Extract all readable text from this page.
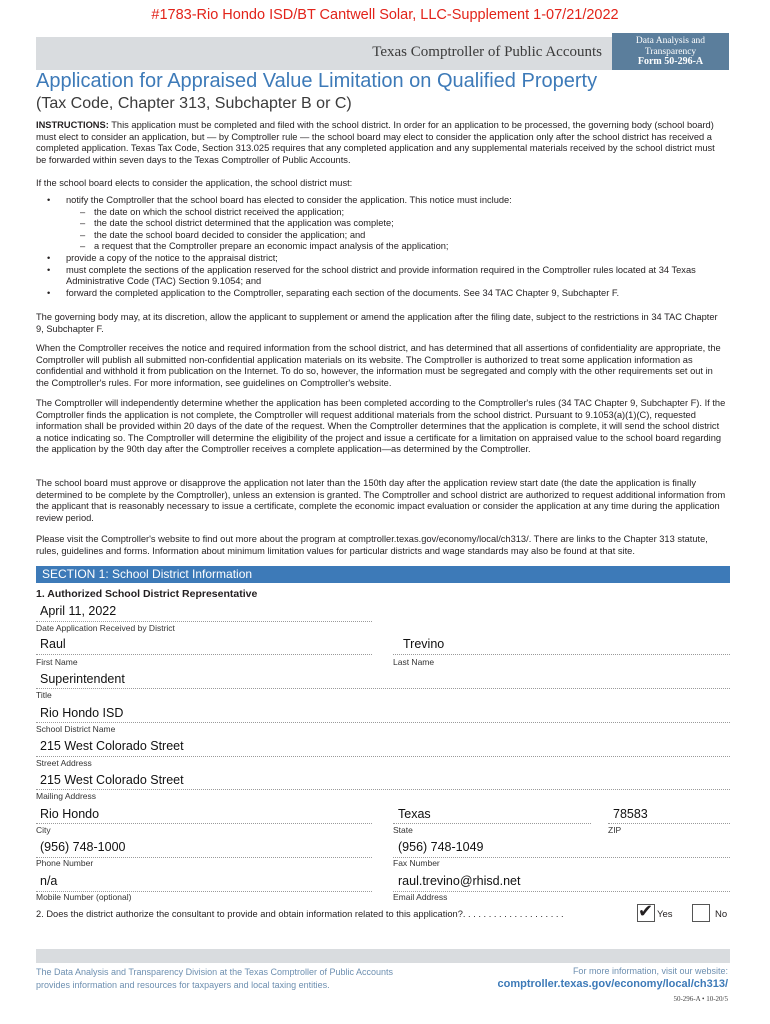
#1783-Rio Hondo ISD/BT Cantwell Solar, LLC-Supplement 1-07/21/2022
Texas Comptroller of Public Accounts
Data Analysis and
Transparency
Form 50-296-A
Application for Appraised Value Limitation on Qualified Property
(Tax Code, Chapter 313, Subchapter B or C)
INSTRUCTIONS: This application must be completed and filed with the school district. In order for an application to be processed, the governing body (school board) must elect to consider an application, but — by Comptroller rule — the school board may elect to consider the application only after the school district has received a completed application. Texas Tax Code, Section 313.025 requires that any completed application and any supplemental materials received by the school district must be forwarded within seven days to the Texas Comptroller of Public Accounts.
If the school board elects to consider the application, the school district must:
• notify the Comptroller that the school board has elected to consider the application. This notice must include:
– the date on which the school district received the application;
– the date the school district determined that the application was complete;
– the date the school board decided to consider the application; and
– a request that the Comptroller prepare an economic impact analysis of the application;
• provide a copy of the notice to the appraisal district;
• must complete the sections of the application reserved for the school district and provide information required in the Comptroller rules located at 34 Texas Administrative Code (TAC) Section 9.1054; and
• forward the completed application to the Comptroller, separating each section of the documents. See 34 TAC Chapter 9, Subchapter F.
The governing body may, at its discretion, allow the applicant to supplement or amend the application after the filing date, subject to the restrictions in 34 TAC Chapter 9, Subchapter F.
When the Comptroller receives the notice and required information from the school district, and has determined that all assertions of confidentiality are appropriate, the Comptroller will publish all submitted non-confidential application materials on its website. The Comptroller is authorized to treat some application information as confidential and withhold it from publication on the Internet. To do so, however, the information must be segregated and comply with the other requirements set out in the Comptroller's rules. For more information, see guidelines on Comptroller's website.
The Comptroller will independently determine whether the application has been completed according to the Comptroller's rules (34 TAC Chapter 9, Subchapter F). If the Comptroller finds the application is not complete, the Comptroller will request additional materials from the school district. Pursuant to 9.1053(a)(1)(C), requested information shall be provided within 20 days of the date of the request. When the Comptroller determines that the application is complete, it will send the school district a notice indicating so. The Comptroller will determine the eligibility of the project and issue a certificate for a limitation on appraised value to the school board regarding the application by the 90th day after the Comptroller receives a complete application—as determined by the Comptroller.
The school board must approve or disapprove the application not later than the 150th day after the application review start date (the date the application is finally determined to be complete by the Comptroller), unless an extension is granted. The Comptroller and school district are authorized to request additional information from the applicant that is reasonably necessary to issue a certificate, complete the economic impact evaluation or consider the application at any time during the application review period.
Please visit the Comptroller's website to find out more about the program at comptroller.texas.gov/economy/local/ch313/. There are links to the Chapter 313 statute, rules, guidelines and forms. Information about minimum limitation values for particular districts and wage standards may also be found at that site.
SECTION 1: School District Information
1. Authorized School District Representative
April 11, 2022
Date Application Received by District
Raul
First Name
Trevino
Last Name
Superintendent
Title
Rio Hondo ISD
School District Name
215 West Colorado Street
Street Address
215 West Colorado Street
Mailing Address
Rio Hondo
City
Texas
State
78583
ZIP
(956) 748-1000
Phone Number
(956) 748-1049
Fax Number
n/a
Mobile Number (optional)
raul.trevino@rhisd.net
Email Address
2. Does the district authorize the consultant to provide and obtain information related to this application?. . . . . . . . . . . . . . . . . . . .	✔ Yes	No
The Data Analysis and Transparency Division at the Texas Comptroller of Public Accounts
provides information and resources for taxpayers and local taxing entities.
For more information, visit our website:
comptroller.texas.gov/economy/local/ch313/
50-296-A • 10-20/5
